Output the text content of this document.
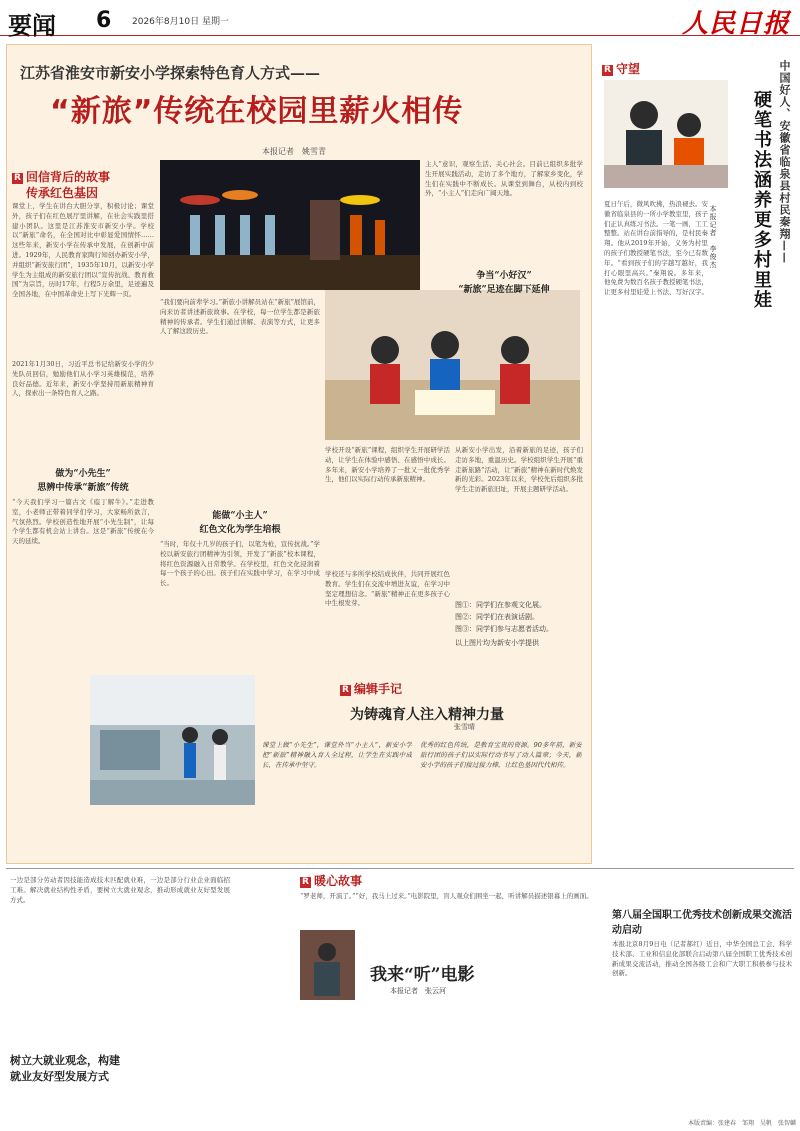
要闻 6 2026年8月10日 星期一	人民日报
江苏省淮安市新安小学探索特色育人方式——
“新旅”传统在校园里薪火相传
本报记者　姚雪青
R 回信背后的故事
传承红色基因
课堂上，学生在讲台大胆分享，积极讨论；课堂外，孩子们在红色展厅里讲解，在社会实践里搭建小团队。这里是江苏淮安市新安小学。学校以“新旅”命名，在全国对比中彰显爱国情怀……这些年来，新安小学在传承中发展，在创新中前进。1929年，人民教育家陶行知创办新安小学，并组织“新安旅行团”，1935年10月，以新安小学学生为主组成的新安旅行团以“宣传抗战、教育救国”为宗旨，历时17年，行程5万余里，足迹遍及全国各地，在中国革命史上写下光辉一页。
2021年1月30日，习近平总书记给新安小学的少先队员回信，勉励他们从小学习英雄模范，培养良好品德。近年来，新安小学坚持用新旅精神育人，探索出一条特色育人之路。
做为“小先生”
思辨中传承“新旅”传统
“今天我们学习一篇古文《庖丁解牛》。”走进教室，小老师正带着同学们学习，大家畅所欲言，气氛热烈。学校创造性地开展“小先生制”，让每个学生都有机会站上讲台。这是“新旅”传统在今天的延续。
“我们要向前辈学习。”新旅小讲解员站在“新旅”展馆前，向来访者讲述新旅故事。在学校，每一位学生都是新旅精神的传承者。学生们通过讲解、表演等方式，让更多人了解这段历史。
能做“小主人”
红色文化为学生培根
“当时，年仅十几岁的孩子们，以笔为枪，宣传抗战。”学校以新安旅行团精神为引领，开发了“新旅”校本课程，将红色资源融入日常教学。在学校里，红色文化浸润着每一个孩子的心田。孩子们在实践中学习，在学习中成长。
学校开设“新旅”课程，组织学生开展研学活动，让学生在体验中感悟、在感悟中成长。多年来，新安小学培养了一批又一批优秀学生，他们以实际行动传承新旅精神。
主人”意识，观察生活、关心社会。目前已组织多批学生开展实践活动，走访了多个地方，了解家乡变化，学生们在实践中不断成长。从课堂到舞台，从校内到校外，“小主人”们走向广阔天地。
争当“小好汉”
“新旅”足迹在脚下延伸
从新安小学出发，沿着新旅的足迹，孩子们走访多地，重温历史。学校组织学生开展“重走新旅路”活动，让“新旅”精神在新时代焕发新的光彩。2023年以来，学校先后组织多批学生走访新旅旧址，开展主题研学活动。
学校还与多所学校结成伙伴，共同开展红色教育。学生们在交流中增进友谊，在学习中坚定理想信念。“新旅”精神正在更多孩子心中生根发芽。	图①：同学们在参观文化展。
图②：同学们在表演话剧。
图③：同学们参与志愿者活动。
以上图片均为新安小学提供
R 编辑手记
为铸魂育人注入精神力量
张雪晴
课堂上做“小先生”，课堂外当“小主人”，新安小学把“新旅”精神融入育人全过程，让学生在实践中成长，在传承中坚守。
优秀的红色传统，是教育宝贵的资源。90多年前，新安旅行团的孩子们以实际行动书写了动人篇章；今天，新安小学的孩子们接过接力棒，让红色基因代代相传。
R 守望	中国好人、安徽省临泉县村民秦翔——
硬笔书法涵养更多村里娃
本报记者　李俊杰
夏日午后，微风吹拂，热浪褪去。安徽省临泉县的一所小学教室里，孩子们正认真练习书法。一笔一画，工工整整。站在讲台前指导的，是村民秦翔。他从2019年开始，义务为村里的孩子们教授硬笔书法，至今已有数年。“看到孩子们的字越写越好，我打心眼里高兴。”秦翔说。多年来，他免费为数百名孩子教授硬笔书法，让更多村里娃爱上书法、写好汉字。
树立大就业观念，构建就业友好型发展方式
一边是部分劳动者因技能造成技术匹配就业难，一边是部分行业企业面临招工难。解决就业结构性矛盾，要树立大就业观念，推动形成就业友好型发展方式。
R 暖心故事
我来“听”电影
本报记者　张云河
“罗老师，开演了。”“好，我马上过来。”电影院里，盲人观众们围坐一起，听讲解员描述银幕上的画面。
第八届全国职工优秀技术创新成果交流活动启动
本报北京8月9日电（记者郝红）近日，中华全国总工会、科学技术部、工业和信息化部联合启动第八届全国职工优秀技术创新成果交流活动，推动全国各级工会和广大职工积极参与技术创新。
本版责编：张建春　邹翔　吴帆　张智麟
